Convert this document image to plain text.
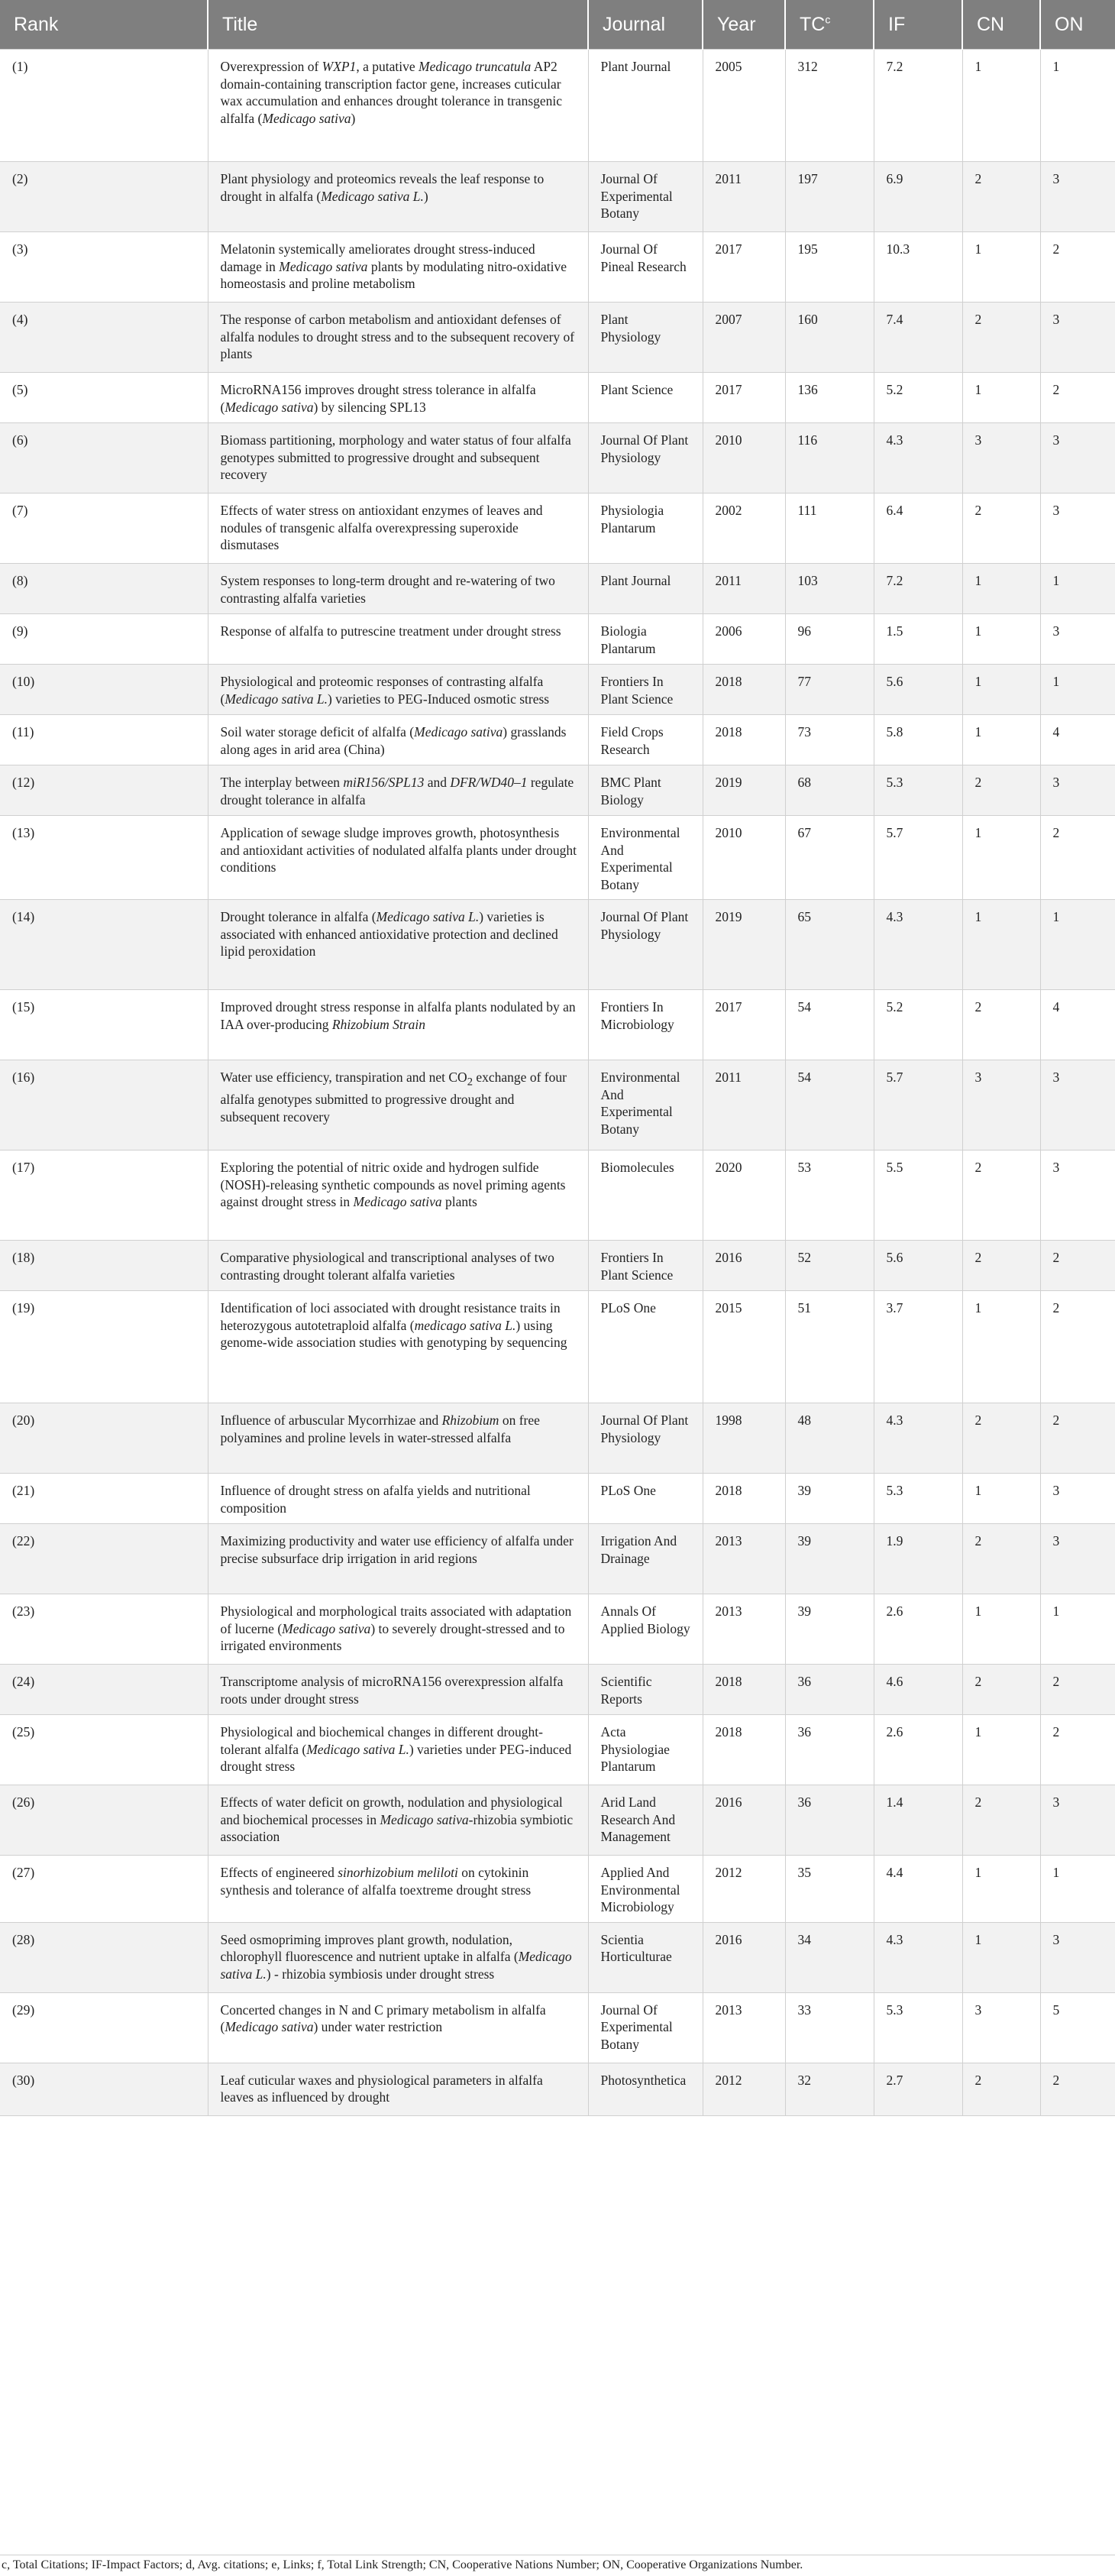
Rank	Title	Journal	Year	$TC^c$	IF	CN	ON
(1)	Overexpression of WXP1, a putative Medicago truncatula AP2 domain-containing transcription factor gene, increases cuticular wax accumulation and enhances drought tolerance in transgenic alfalfa (Medicago sativa)	Plant Journal	2005	312	7.2	1	1
(2)	Plant physiology and proteomics reveals the leaf response to drought in alfalfa (Medicago sativa L.)	Journal Of Experimental Botany	2011	197	6.9	2	3
(3)	Melatonin systemically ameliorates drought stress-induced damage in Medicago sativa plants by modulating nitro-oxidative homeostasis and proline metabolism	Journal Of Pineal Research	2017	195	10.3	1	2
(4)	The response of carbon metabolism and antioxidant defenses of alfalfa nodules to drought stress and to the subsequent recovery of plants	Plant Physiology	2007	160	7.4	2	3
(5)	MicroRNA156 improves drought stress tolerance in alfalfa (Medicago sativa) by silencing SPL13	Plant Science	2017	136	5.2	1	2
(6)	Biomass partitioning, morphology and water status of four alfalfa genotypes submitted to progressive drought and subsequent recovery	Journal Of Plant Physiology	2010	116	4.3	3	3
(7)	Effects of water stress on antioxidant enzymes of leaves and nodules of transgenic alfalfa overexpressing superoxide dismutases	Physiologia Plantarum	2002	111	6.4	2	3
(8)	System responses to long-term drought and re-watering of two contrasting alfalfa varieties	Plant Journal	2011	103	7.2	1	1
(9)	Response of alfalfa to putrescine treatment under drought stress	Biologia Plantarum	2006	96	1.5	1	3
(10)	Physiological and proteomic responses of contrasting alfalfa (Medicago sativa L.) varieties to PEG-Induced osmotic stress	Frontiers In Plant Science	2018	77	5.6	1	1
(11)	Soil water storage deficit of alfalfa (Medicago sativa) grasslands along ages in arid area (China)	Field Crops Research	2018	73	5.8	1	4
(12)	The interplay between miR156/SPL13 and DFR/WD40–1 regulate drought tolerance in alfalfa	BMC Plant Biology	2019	68	5.3	2	3
(13)	Application of sewage sludge improves growth, photosynthesis and antioxidant activities of nodulated alfalfa plants under drought conditions	Environmental And Experimental Botany	2010	67	5.7	1	2
(14)	Drought tolerance in alfalfa (Medicago sativa L.) varieties is associated with enhanced antioxidative protection and declined lipid peroxidation	Journal Of Plant Physiology	2019	65	4.3	1	1
(15)	Improved drought stress response in alfalfa plants nodulated by an IAA over-producing Rhizobium Strain	Frontiers In Microbiology	2017	54	5.2	2	4
(16)	Water use efficiency, transpiration and net $CO_2$ exchange of four alfalfa genotypes submitted to progressive drought and subsequent recovery	Environmental And Experimental Botany	2011	54	5.7	3	3
(17)	Exploring the potential of nitric oxide and hydrogen sulfide (NOSH)-releasing synthetic compounds as novel priming agents against drought stress in Medicago sativa plants	Biomolecules	2020	53	5.5	2	3
(18)	Comparative physiological and transcriptional analyses of two contrasting drought tolerant alfalfa varieties	Frontiers In Plant Science	2016	52	5.6	2	2
(19)	Identification of loci associated with drought resistance traits in heterozygous autotetraploid alfalfa (medicago sativa L.) using genome-wide association studies with genotyping by sequencing	PLoS One	2015	51	3.7	1	2
(20)	Influence of arbuscular Mycorrhizae and Rhizobium on free polyamines and proline levels in water-stressed alfalfa	Journal Of Plant Physiology	1998	48	4.3	2	2
(21)	Influence of drought stress on afalfa yields and nutritional composition	PLoS One	2018	39	5.3	1	3
(22)	Maximizing productivity and water use efficiency of alfalfa under precise subsurface drip irrigation in arid regions	Irrigation And Drainage	2013	39	1.9	2	3
(23)	Physiological and morphological traits associated with adaptation of lucerne (Medicago sativa) to severely drought-stressed and to irrigated environments	Annals Of Applied Biology	2013	39	2.6	1	1
(24)	Transcriptome analysis of microRNA156 overexpression alfalfa roots under drought stress	Scientific Reports	2018	36	4.6	2	2
(25)	Physiological and biochemical changes in different drought-tolerant alfalfa (Medicago sativa L.) varieties under PEG-induced drought stress	Acta Physiologiae Plantarum	2018	36	2.6	1	2
(26)	Effects of water deficit on growth, nodulation and physiological and biochemical processes in Medicago sativa-rhizobia symbiotic association	Arid Land Research And Management	2016	36	1.4	2	3
(27)	Effects of engineered sinorhizobium meliloti on cytokinin synthesis and tolerance of alfalfa toextreme drought stress	Applied And Environmental Microbiology	2012	35	4.4	1	1
(28)	Seed osmopriming improves plant growth, nodulation, chlorophyll fluorescence and nutrient uptake in alfalfa (Medicago sativa L.) - rhizobia symbiosis under drought stress	Scientia Horticulturae	2016	34	4.3	1	3
(29)	Concerted changes in N and C primary metabolism in alfalfa (Medicago sativa) under water restriction	Journal Of Experimental Botany	2013	33	5.3	3	5
(30)	Leaf cuticular waxes and physiological parameters in alfalfa leaves as influenced by drought	Photosynthetica	2012	32	2.7	2	2
c, Total Citations; IF-Impact Factors; d, Avg. citations; e, Links; f, Total Link Strength; CN, Cooperative Nations Number; ON, Cooperative Organizations Number.
